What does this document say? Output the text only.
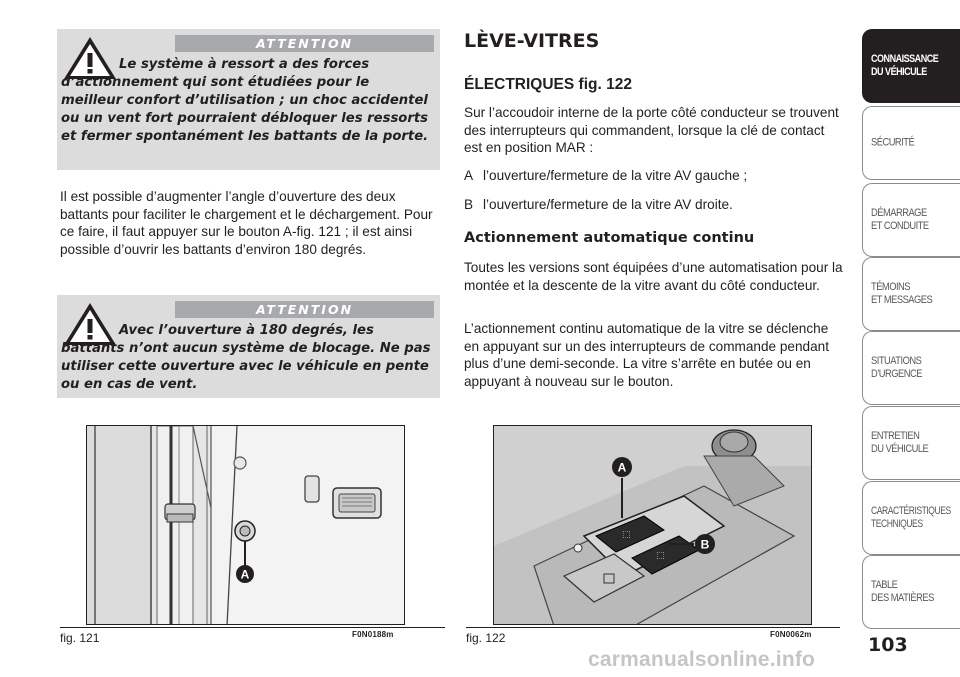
ATTENTION
Le système à ressort a des forces d’actionnement qui sont étudiées pour le meilleur confort d’utilisation ; un choc accidentel ou un vent fort pourraient débloquer les ressorts et fermer spontanément les battants de la porte.
Il est possible d’augmenter l’angle d’ouverture des deux battants pour faciliter le chargement et le déchargement. Pour ce faire, il faut appuyer sur le bouton A-fig. 121 ; il est ainsi possible d’ouvrir les battants d’environ 180 degrés.
ATTENTION
Avec l’ouverture à 180 degrés, les battants n’ont aucun système de blocage. Ne pas utiliser cette ouverture avec le véhicule en pente ou en cas de vent.
LÈVE-VITRES
ÉLECTRIQUES fig. 122
Sur l’accoudoir interne de la porte côté conducteur se trouvent des interrupteurs qui commandent, lorsque la clé de contact est en position MAR :
A l’ouverture/fermeture de la vitre AV gauche ;
B l’ouverture/fermeture de la vitre AV droite.
Actionnement automatique continu
Toutes les versions sont équipées d’une automatisation pour la montée et la descente de la vitre avant du côté conducteur.
L’actionnement continu automatique de la vitre se déclenche en appuyant sur un des interrupteurs de commande pendant plus d’une demi-seconde. La vitre s’arrête en butée ou en appuyant à nouveau sur le bouton.
A
fig. 121	F0N0188m
⬚
⬚
A
B
fig. 122	F0N0062m
CONNAISSANCE
DU VÉHICULE
SÉCURITÉ
DÉMARRAGE
ET CONDUITE
TÉMOINS
ET MESSAGES
SITUATIONS
D’URGENCE
ENTRETIEN
DU VÉHICULE
CARACTÉRISTIQUES
TECHNIQUES
TABLE
DES MATIÈRES
103
carmanualsonline.info
